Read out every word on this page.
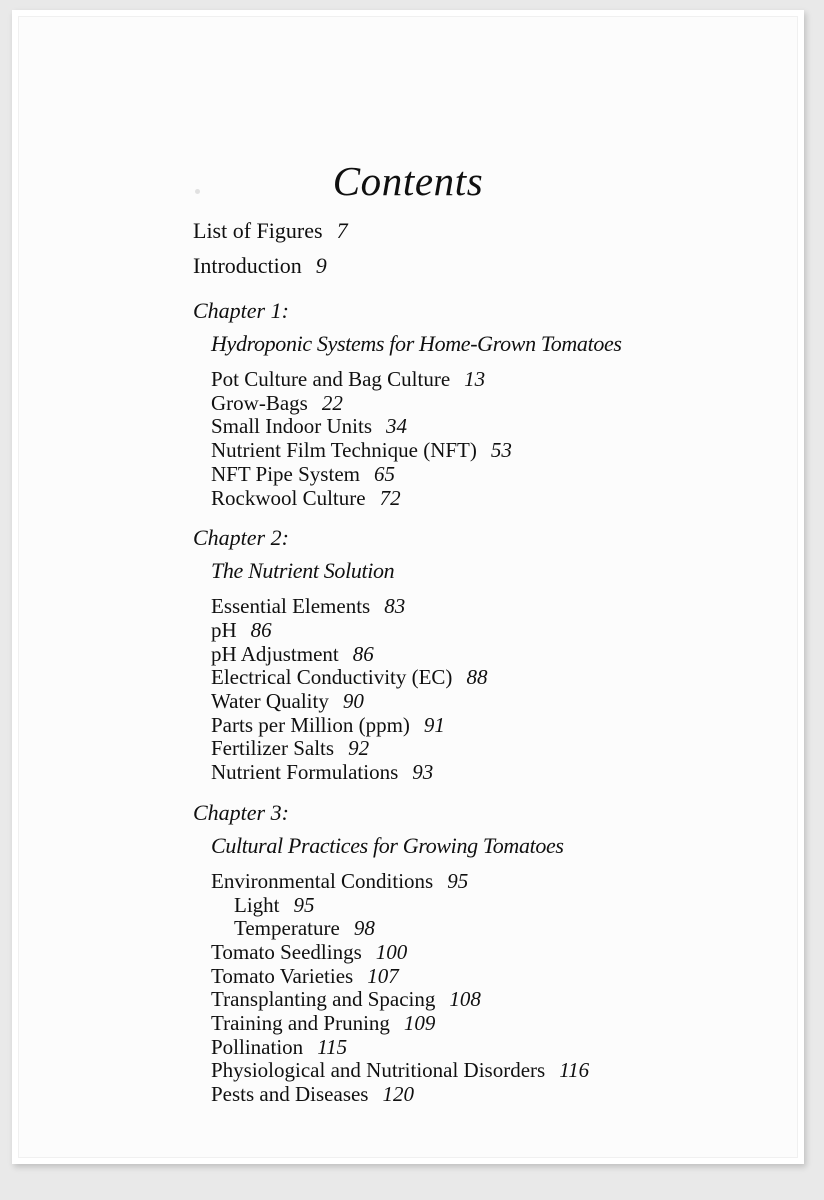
Contents
List of Figures 7
Introduction 9
Chapter 1:
Hydroponic Systems for Home-Grown Tomatoes
Pot Culture and Bag Culture 13
Grow-Bags 22
Small Indoor Units 34
Nutrient Film Technique (NFT) 53
NFT Pipe System 65
Rockwool Culture 72
Chapter 2:
The Nutrient Solution
Essential Elements 83
pH 86
pH Adjustment 86
Electrical Conductivity (EC) 88
Water Quality 90
Parts per Million (ppm) 91
Fertilizer Salts 92
Nutrient Formulations 93
Chapter 3:
Cultural Practices for Growing Tomatoes
Environmental Conditions 95
Light 95
Temperature 98
Tomato Seedlings 100
Tomato Varieties 107
Transplanting and Spacing 108
Training and Pruning 109
Pollination 115
Physiological and Nutritional Disorders 116
Pests and Diseases 120
